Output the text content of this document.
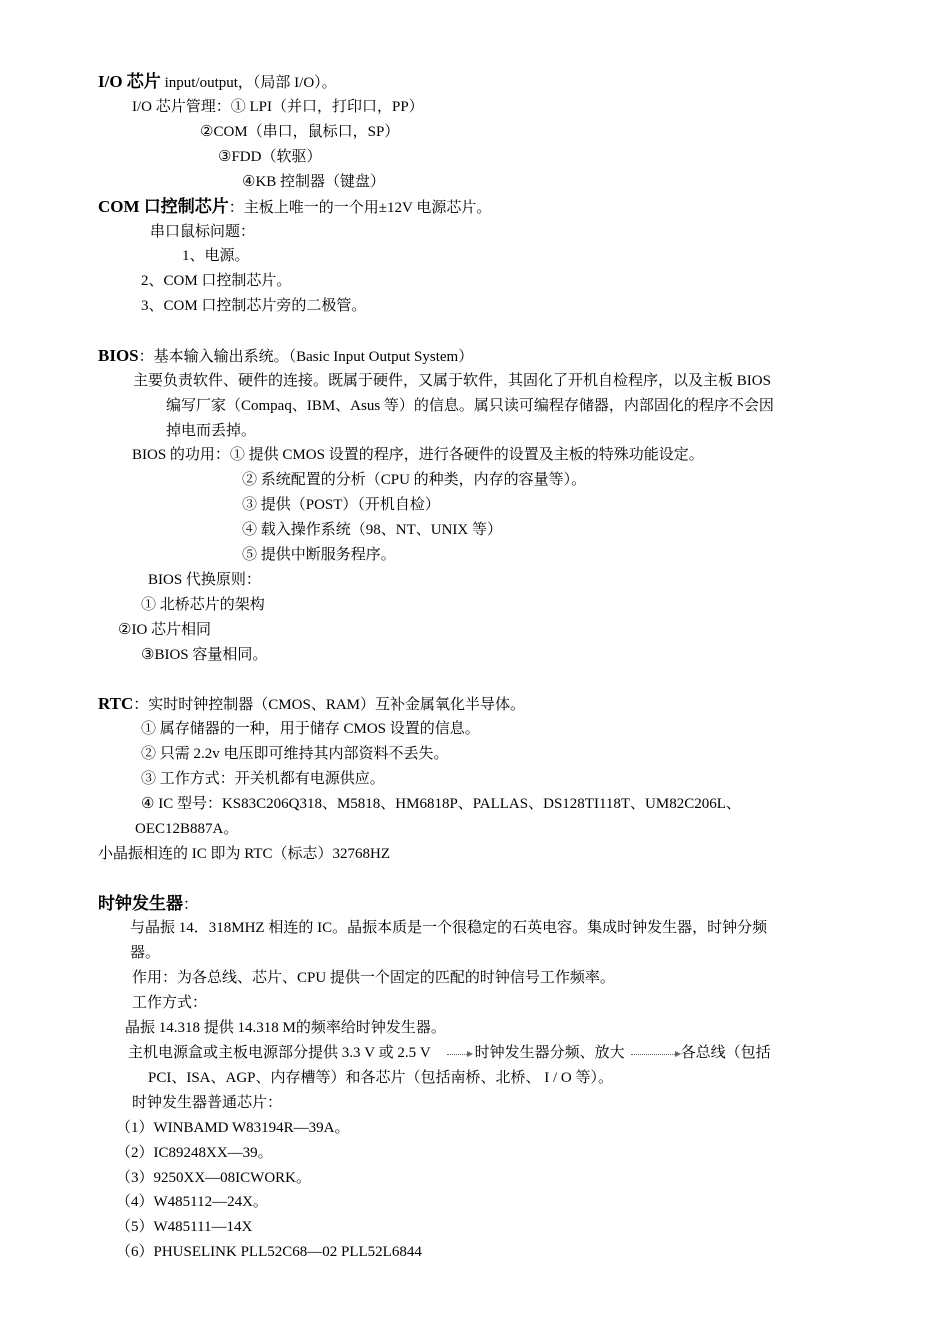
I/O 芯片 input/output，（局部 I/O）。
I/O 芯片管理：① LPI（并口，打印口，PP）
②COM（串口，鼠标口，SP）
③FDD（软驱）
④KB 控制器（键盘）
COM 口控制芯片：主板上唯一的一个用±12V 电源芯片。
串口鼠标问题：
1、电源。
2、COM 口控制芯片。
3、COM 口控制芯片旁的二极管。
BIOS：基本输入输出系统。（Basic Input Output System）
主要负责软件、硬件的连接。既属于硬件，又属于软件，其固化了开机自检程序，以及主板 BIOS
编写厂家（Compaq、IBM、Asus 等）的信息。属只读可编程存储器，内部固化的程序不会因
掉电而丢掉。
BIOS 的功用：① 提供 CMOS 设置的程序，进行各硬件的设置及主板的特殊功能设定。
② 系统配置的分析（CPU 的种类，内存的容量等）。
③ 提供（POST）（开机自检）
④ 载入操作系统（98、NT、UNIX 等）
⑤ 提供中断服务程序。
BIOS 代换原则：
① 北桥芯片的架构
②IO 芯片相同
③BIOS 容量相同。
RTC：实时时钟控制器（CMOS、RAM）互补金属氧化半导体。
① 属存储器的一种，用于储存 CMOS 设置的信息。
② 只需 2.2v 电压即可维持其内部资料不丢失。
③ 工作方式：开关机都有电源供应。
④ IC 型号：KS83C206Q318、M5818、HM6818P、PALLAS、DS128TI118T、UM82C206L、
OEC12B887A。
小晶振相连的 IC 即为 RTC（标志）32768HZ
时钟发生器：
与晶振 14．318MHZ 相连的 IC。晶振本质是一个很稳定的石英电容。集成时钟发生器，时钟分频
器。
作用：为各总线、芯片、CPU 提供一个固定的匹配的时钟信号工作频率。
工作方式：
晶振 14.318 提供 14.318 M的频率给时钟发生器。
主机电源盒或主板电源部分提供 3.3 V 或 2.5 V	时钟发生器分频、放大	各总线（包括
PCI、ISA、AGP、内存槽等）和各芯片（包括南桥、北桥、 I / O 等）。
时钟发生器普通芯片：
（1）WINBAMD W83194R—39A。
（2）IC89248XX—39。
（3）9250XX—08ICWORK。
（4）W485112—24X。
（5）W485111—14X
（6）PHUSELINK PLL52C68—02 PLL52L6844
